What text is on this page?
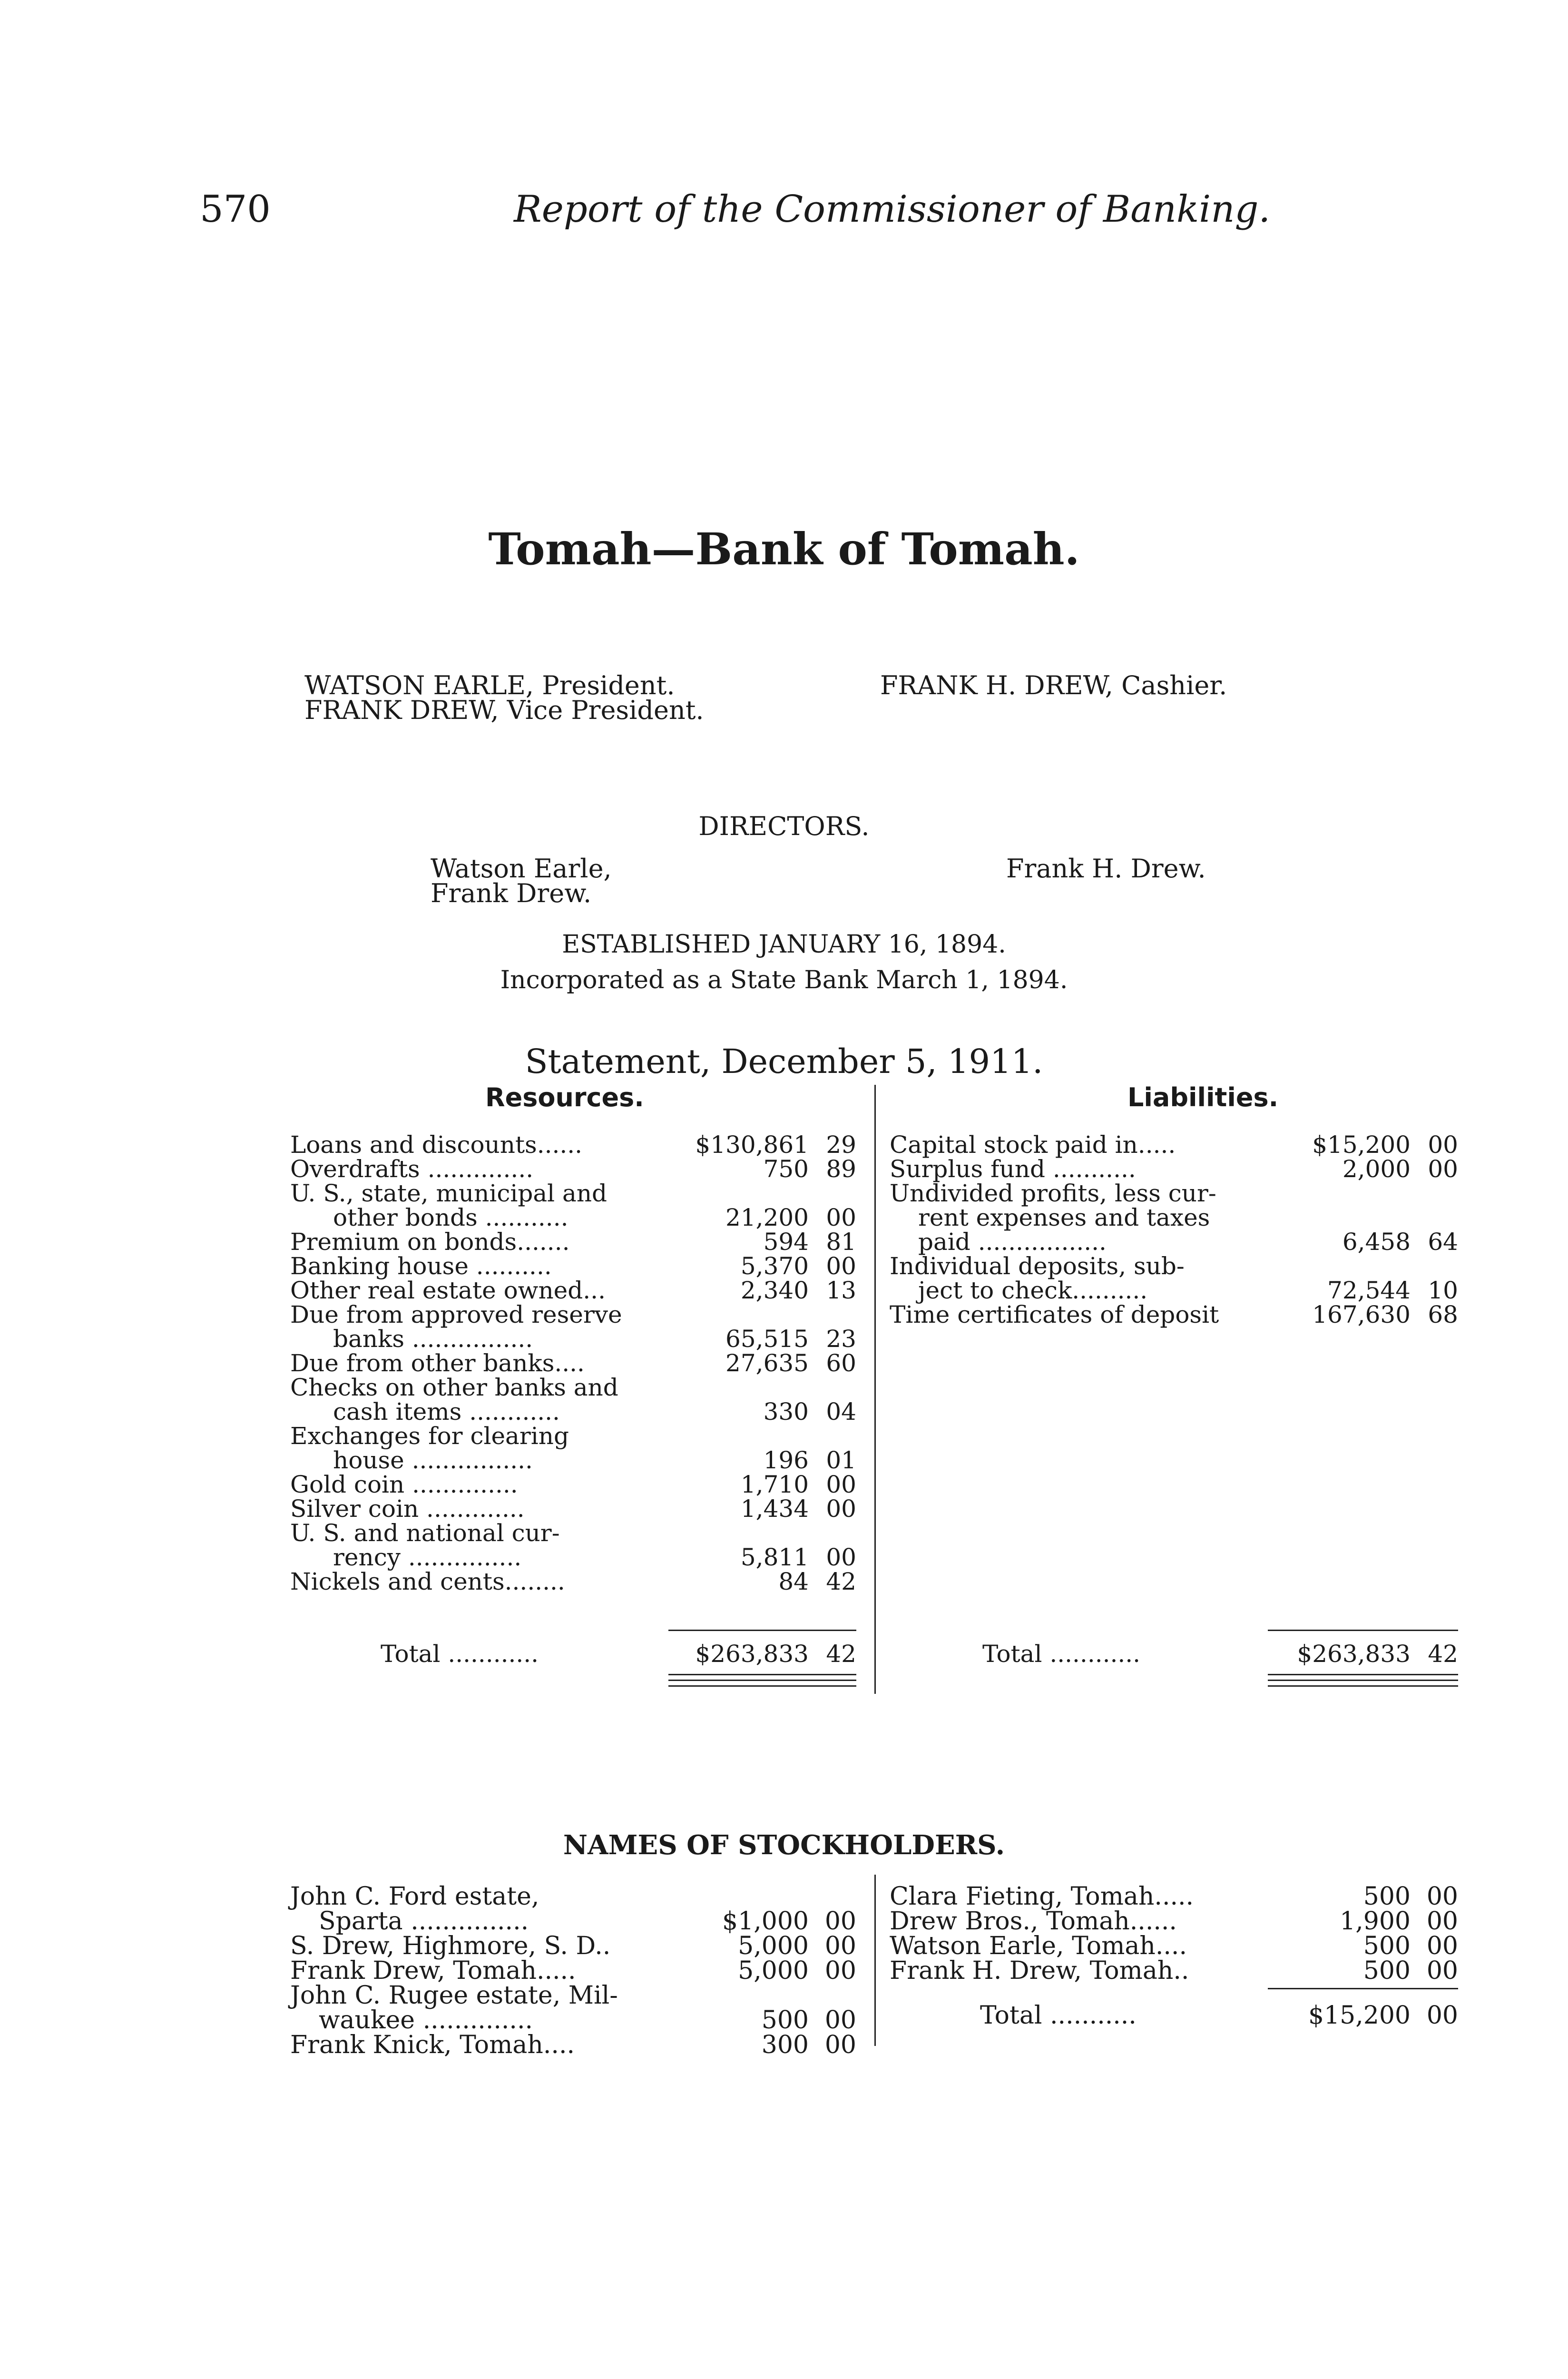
570	Report of the Commissioner of Banking.
Tomah—Bank of Tomah.
WATSON EARLE, President.
FRANK DREW, Vice President.
FRANK H. DREW, Cashier.
DIRECTORS.
Watson Earle,
Frank Drew.
Frank H. Drew.
ESTABLISHED JANUARY 16, 1894.
Incorporated as a State Bank March 1, 1894.
Statement, December 5, 1911.
Resources.	Liabilities.
Loans and discounts......	$130,861 29
Overdrafts ..............	750 89
U. S., state, municipal and
other bonds ...........	21,200 00
Premium on bonds.......	594 81
Banking house ..........	5,370 00
Other real estate owned...	2,340 13
Due from approved reserve
banks ................	65,515 23
Due from other banks....	27,635 60
Checks on other banks and
cash items ............	330 04
Exchanges for clearing
house ................	196 01
Gold coin ..............	1,710 00
Silver coin .............	1,434 00
U. S. and national cur-
rency ...............	5,811 00
Nickels and cents........	84 42
Total ............	$263,833 42
Capital stock paid in.....	$15,200 00
Surplus fund ...........	2,000 00
Undivided profits, less cur-
rent expenses and taxes
paid .................	6,458 64
Individual deposits, sub-
ject to check..........	72,544 10
Time certificates of deposit	167,630 68
Total ............	$263,833 42
NAMES OF STOCKHOLDERS.
John C. Ford estate,
Sparta ...............	$1,000 00
S. Drew, Highmore, S. D..	5,000 00
Frank Drew, Tomah.....	5,000 00
John C. Rugee estate, Mil-
waukee ..............	500 00
Frank Knick, Tomah....	300 00
Clara Fieting, Tomah.....	500 00
Drew Bros., Tomah......	1,900 00
Watson Earle, Tomah....	500 00
Frank H. Drew, Tomah..	500 00
Total ...........	$15,200 00
